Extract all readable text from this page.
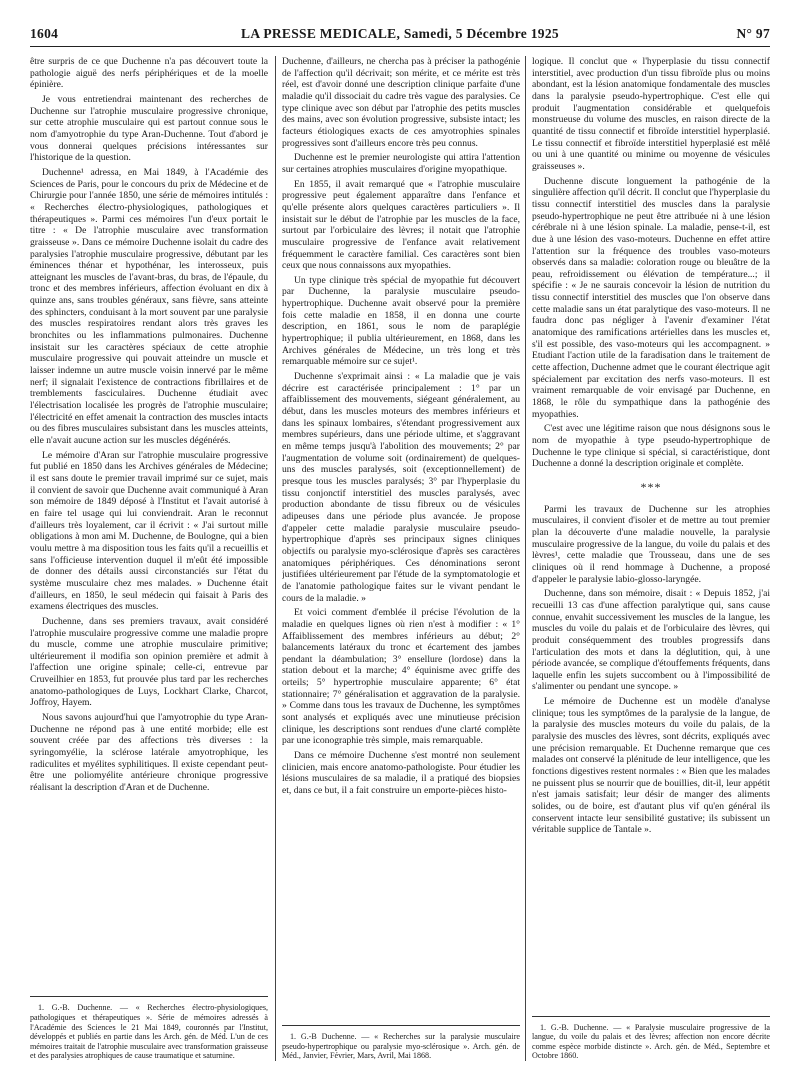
1604	LA PRESSE MEDICALE, Samedi, 5 Décembre 1925	N° 97

être surpris de ce que Duchenne n'a pas découvert toute la pathologie aiguë des nerfs périphériques et de la moelle épinière.

Je vous entretiendrai maintenant des recherches de Duchenne sur l'atrophie musculaire progressive chronique, sur cette atrophie musculaire qui est partout connue sous le nom d'amyotrophie du type Aran-Duchenne. Tout d'abord je vous donnerai quelques précisions intéressantes sur l'historique de la question.

Duchenne¹ adressa, en Mai 1849, à l'Académie des Sciences de Paris, pour le concours du prix de Médecine et de Chirurgie pour l'année 1850, une série de mémoires intitulés : « Recherches électro-physiologiques, pathologiques et thérapeutiques ». Parmi ces mémoires l'un d'eux portait le titre : « De l'atrophie musculaire avec transformation graisseuse ». Dans ce mémoire Duchenne isolait du cadre des paralysies l'atrophie musculaire progressive, débutant par les éminences thénar et hypothénar, les interosseux, puis atteignant les muscles de l'avant-bras, du bras, de l'épaule, du tronc et des membres inférieurs, affection évoluant en dix à quinze ans, sans troubles généraux, sans fièvre, sans atteinte des sphincters, conduisant à la mort souvent par une paralysie des muscles respiratoires rendant alors très graves les bronchites ou les inflammations pulmonaires. Duchenne insistait sur les caractères spéciaux de cette atrophie musculaire progressive qui pouvait atteindre un muscle et laisser indemne un autre muscle voisin innervé par le même nerf; il signalait l'existence de contractions fibrillaires et de tremblements fasciculaires. Duchenne étudiait avec l'électrisation localisée les progrès de l'atrophie musculaire; l'électricité en effet amenait la contraction des muscles intacts ou des fibres musculaires subsistant dans les muscles atteints, elle n'avait aucune action sur les muscles dégénérés.

Le mémoire d'Aran sur l'atrophie musculaire progressive fut publié en 1850 dans les Archives générales de Médecine; il est sans doute le premier travail imprimé sur ce sujet, mais il convient de savoir que Duchenne avait communiqué à Aran son mémoire de 1849 déposé à l'Institut et l'avait autorisé à en faire tel usage qui lui conviendrait. Aran le reconnut d'ailleurs très loyalement, car il écrivit : « J'ai surtout mille obligations à mon ami M. Duchenne, de Boulogne, qui a bien voulu mettre à ma disposition tous les faits qu'il a recueillis et sans l'officieuse intervention duquel il m'eût été impossible de donner des détails aussi circonstanciés sur l'état du système musculaire chez mes malades. » Duchenne était d'ailleurs, en 1850, le seul médecin qui faisait à Paris des examens électriques des muscles.

Duchenne, dans ses premiers travaux, avait considéré l'atrophie musculaire progressive comme une maladie propre du muscle, comme une atrophie musculaire primitive; ultérieurement il modifia son opinion première et admit à l'affection une origine spinale; celle-ci, entrevue par Cruveilhier en 1853, fut prouvée plus tard par les recherches anatomo-pathologiques de Luys, Lockhart Clarke, Charcot, Joffroy, Hayem.

Nous savons aujourd'hui que l'amyotrophie du type Aran-Duchenne ne répond pas à une entité morbide; elle est souvent créée par des affections très diverses : la syringomyélie, la sclérose latérale amyotrophique, les radiculites et myélites syphilitiques. Il existe cependant peut-être une poliomyélite antérieure chronique progressive réalisant la description d'Aran et de Duchenne.

1. G.-B. Duchenne. — « Recherches électro-physiologiques, pathologiques et thérapeutiques ». Série de mémoires adressés à l'Académie des Sciences le 21 Mai 1849, couronnés par l'Institut, développés et publiés en partie dans les Arch. gén. de Méd. L'un de ces mémoires traitait de l'atrophie musculaire avec transformation graisseuse et des paralysies atrophiques de cause traumatique et saturnine.

Duchenne, d'ailleurs, ne chercha pas à préciser la pathogénie de l'affection qu'il décrivait; son mérite, et ce mérite est très réel, est d'avoir donné une description clinique parfaite d'une maladie qu'il dissociait du cadre très vague des paralysies. Ce type clinique avec son début par l'atrophie des petits muscles des mains, avec son évolution progressive, subsiste intact; les facteurs étiologiques exacts de ces amyotrophies spinales progressives sont d'ailleurs encore très peu connus.

Duchenne est le premier neurologiste qui attira l'attention sur certaines atrophies musculaires d'origine myopathique.

En 1855, il avait remarqué que « l'atrophie musculaire progressive peut également apparaître dans l'enfance et qu'elle présente alors quelques caractères particuliers ». Il insistait sur le début de l'atrophie par les muscles de la face, surtout par l'orbiculaire des lèvres; il notait que l'atrophie musculaire progressive de l'enfance avait relativement fréquemment le caractère familial. Ces caractères sont bien ceux que nous connaissons aux myopathies.

Un type clinique très spécial de myopathie fut découvert par Duchenne, la paralysie musculaire pseudo-hypertrophique. Duchenne avait observé pour la première fois cette maladie en 1858, il en donna une courte description, en 1861, sous le nom de paraplégie hypertrophique; il publia ultérieurement, en 1868, dans les Archives générales de Médecine, un très long et très remarquable mémoire sur ce sujet¹.

Duchenne s'exprimait ainsi : « La maladie que je vais décrire est caractérisée principalement : 1° par un affaiblissement des mouvements, siégeant généralement, au début, dans les muscles moteurs des membres inférieurs et dans les spinaux lombaires, s'étendant progressivement aux membres supérieurs, dans une période ultime, et s'aggravant en même temps jusqu'à l'abolition des mouvements; 2° par l'augmentation de volume soit (ordinairement) de quelques-uns des muscles paralysés, soit (exceptionnellement) de presque tous les muscles paralysés; 3° par l'hyperplasie du tissu conjonctif interstitiel des muscles paralysés, avec production abondante de tissu fibreux ou de vésicules adipeuses dans une période plus avancée. Je propose d'appeler cette maladie paralysie musculaire pseudo-hypertrophique d'après ses principaux signes cliniques objectifs ou paralysie myo-sclérosique d'après ses caractères anatomiques périphériques. Ces dénominations seront justifiées ultérieurement par l'étude de la symptomatologie et de l'anatomie pathologique faites sur le vivant pendant le cours de la maladie. »

Et voici comment d'emblée il précise l'évolution de la maladie en quelques lignes où rien n'est à modifier : « 1° Affaiblissement des membres inférieurs au début; 2° balancements latéraux du tronc et écartement des jambes pendant la déambulation; 3° ensellure (lordose) dans la station debout et la marche; 4° équinisme avec griffe des orteils; 5° hypertrophie musculaire apparente; 6° état stationnaire; 7° généralisation et aggravation de la paralysie. » Comme dans tous les travaux de Duchenne, les symptômes sont analysés et expliqués avec une minutieuse précision clinique, les descriptions sont rendues d'une clarté complète par une iconographie très simple, mais remarquable.

Dans ce mémoire Duchenne s'est montré non seulement clinicien, mais encore anatomo-pathologiste. Pour étudier les lésions musculaires de sa maladie, il a pratiqué des biopsies et, dans ce but, il a fait construire un emporte-pièces histo-

1. G.-B Duchenne. — « Recherches sur la paralysie musculaire pseudo-hypertrophique ou paralysie myo-sclérosique ». Arch. gén. de Méd., Janvier, Février, Mars, Avril, Mai 1868.

logique. Il conclut que « l'hyperplasie du tissu connectif interstitiel, avec production d'un tissu fibroïde plus ou moins abondant, est la lésion anatomique fondamentale des muscles dans la paralysie pseudo-hypertrophique. C'est elle qui produit l'augmentation considérable et quelquefois monstrueuse du volume des muscles, en raison directe de la quantité de tissu connectif et fibroïde interstitiel hyperplasié. Le tissu connectif et fibroïde interstitiel hyperplasié est mêlé ou uni à une quantité ou minime ou moyenne de vésicules graisseuses ».

Duchenne discute longuement la pathogénie de la singulière affection qu'il décrit. Il conclut que l'hyperplasie du tissu connectif interstitiel des muscles dans la paralysie pseudo-hypertrophique ne peut être attribuée ni à une lésion cérébrale ni à une lésion spinale. La maladie, pense-t-il, est due à une lésion des vaso-moteurs. Duchenne en effet attire l'attention sur la fréquence des troubles vaso-moteurs observés dans sa maladie: coloration rouge ou bleuâtre de la peau, refroidissement ou élévation de température...; il spécifie : « Je ne saurais concevoir la lésion de nutrition du tissu connectif interstitiel des muscles que l'on observe dans cette maladie sans un état paralytique des vaso-moteurs. Il ne faudra donc pas négliger à l'avenir d'examiner l'état anatomique des ramifications artérielles dans les muscles et, s'il est possible, des vaso-moteurs qui les accompagnent. » Etudiant l'action utile de la faradisation dans le traitement de cette affection, Duchenne admet que le courant électrique agit spécialement par excitation des nerfs vaso-moteurs. Il est vraiment remarquable de voir envisagé par Duchenne, en 1868, le rôle du sympathique dans la pathogénie des myopathies.

C'est avec une légitime raison que nous désignons sous le nom de myopathie à type pseudo-hypertrophique de Duchenne le type clinique si spécial, si caractéristique, dont Duchenne a donné la description originale et complète.

***

Parmi les travaux de Duchenne sur les atrophies musculaires, il convient d'isoler et de mettre au tout premier plan la découverte d'une maladie nouvelle, la paralysie musculaire progressive de la langue, du voile du palais et des lèvres¹, cette maladie que Trousseau, dans une de ses cliniques où il rend hommage à Duchenne, a proposé d'appeler le paralysie labio-glosso-laryngée.

Duchenne, dans son mémoire, disait : « Depuis 1852, j'ai recueilli 13 cas d'une affection paralytique qui, sans cause connue, envahit successivement les muscles de la langue, les muscles du voile du palais et de l'orbiculaire des lèvres, qui produit conséquemment des troubles progressifs dans l'articulation des mots et dans la déglutition, qui, à une période avancée, se complique d'étouffements fréquents, dans laquelle enfin les sujets succombent ou à l'impossibilité de s'alimenter ou pendant une syncope. »

Le mémoire de Duchenne est un modèle d'analyse clinique; tous les symptômes de la paralysie de la langue, de la paralysie des muscles moteurs du voile du palais, de la paralysie des muscles des lèvres, sont décrits, expliqués avec une précision remarquable. Et Duchenne remarque que ces malades ont conservé la plénitude de leur intelligence, que les fonctions digestives restent normales : « Bien que les malades ne puissent plus se nourrir que de bouillies, dit-il, leur appétit n'est jamais satisfait; leur désir de manger des aliments solides, ou de boire, est d'autant plus vif qu'en général ils conservent intacte leur sensibilité gustative; ils subissent un véritable supplice de Tantale ».

1. G.-B. Duchenne. — « Paralysie musculaire progressive de la langue, du voile du palais et des lèvres; affection non encore décrite comme espèce morbide distincte ». Arch. gén. de Méd., Septembre et Octobre 1860.
